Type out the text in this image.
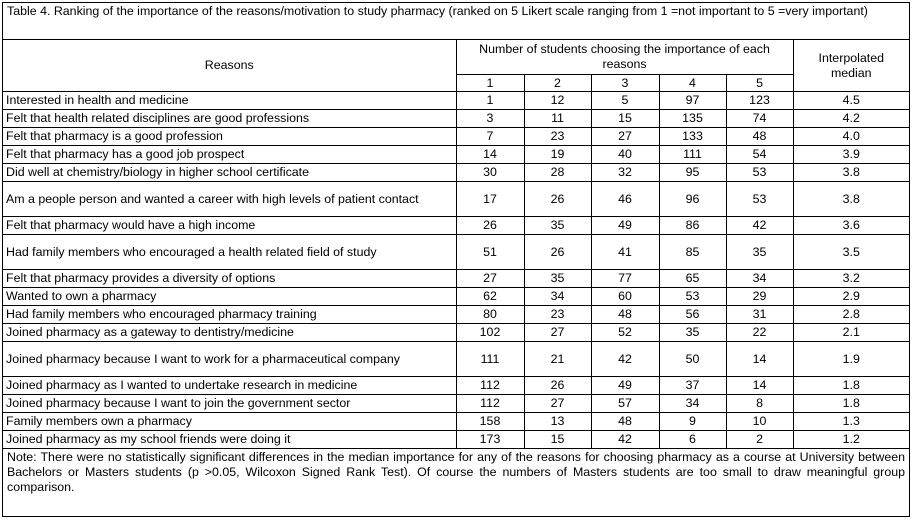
Table 4. Ranking of the importance of the reasons/motivation to study pharmacy (ranked on 5 Likert scale ranging from 1 =not important to 5 =very important)
Reasons	Number of students choosing the importance of each reasons					Interpolated median
	1	2	3	4	5	
Interested in health and medicine	1	12	5	97	123	4.5
Felt that health related disciplines are good professions	3	11	15	135	74	4.2
Felt that pharmacy is a good profession	7	23	27	133	48	4.0
Felt that pharmacy has a good job prospect	14	19	40	111	54	3.9
Did well at chemistry/biology in higher school certificate	30	28	32	95	53	3.8
Am a people person and wanted a career with high levels of patient contact	17	26	46	96	53	3.8
Felt that pharmacy would have a high income	26	35	49	86	42	3.6
Had family members who encouraged a health related field of study	51	26	41	85	35	3.5
Felt that pharmacy provides a diversity of options	27	35	77	65	34	3.2
Wanted to own a pharmacy	62	34	60	53	29	2.9
Had family members who encouraged pharmacy training	80	23	48	56	31	2.8
Joined pharmacy as a gateway to dentistry/medicine	102	27	52	35	22	2.1
Joined pharmacy because I want to work for a pharmaceutical company	111	21	42	50	14	1.9
Joined pharmacy as I wanted to undertake research in medicine	112	26	49	37	14	1.8
Joined pharmacy because I want to join the government sector	112	27	57	34	8	1.8
Family members own a pharmacy	158	13	48	9	10	1.3
Joined pharmacy as my school friends were doing it	173	15	42	6	2	1.2
Note: There were no statistically significant differences in the median importance for any of the reasons for choosing pharmacy as a course at University between Bachelors or Masters students (p >0.05, Wilcoxon Signed Rank Test). Of course the numbers of Masters students are too small to draw meaningful group comparison.
